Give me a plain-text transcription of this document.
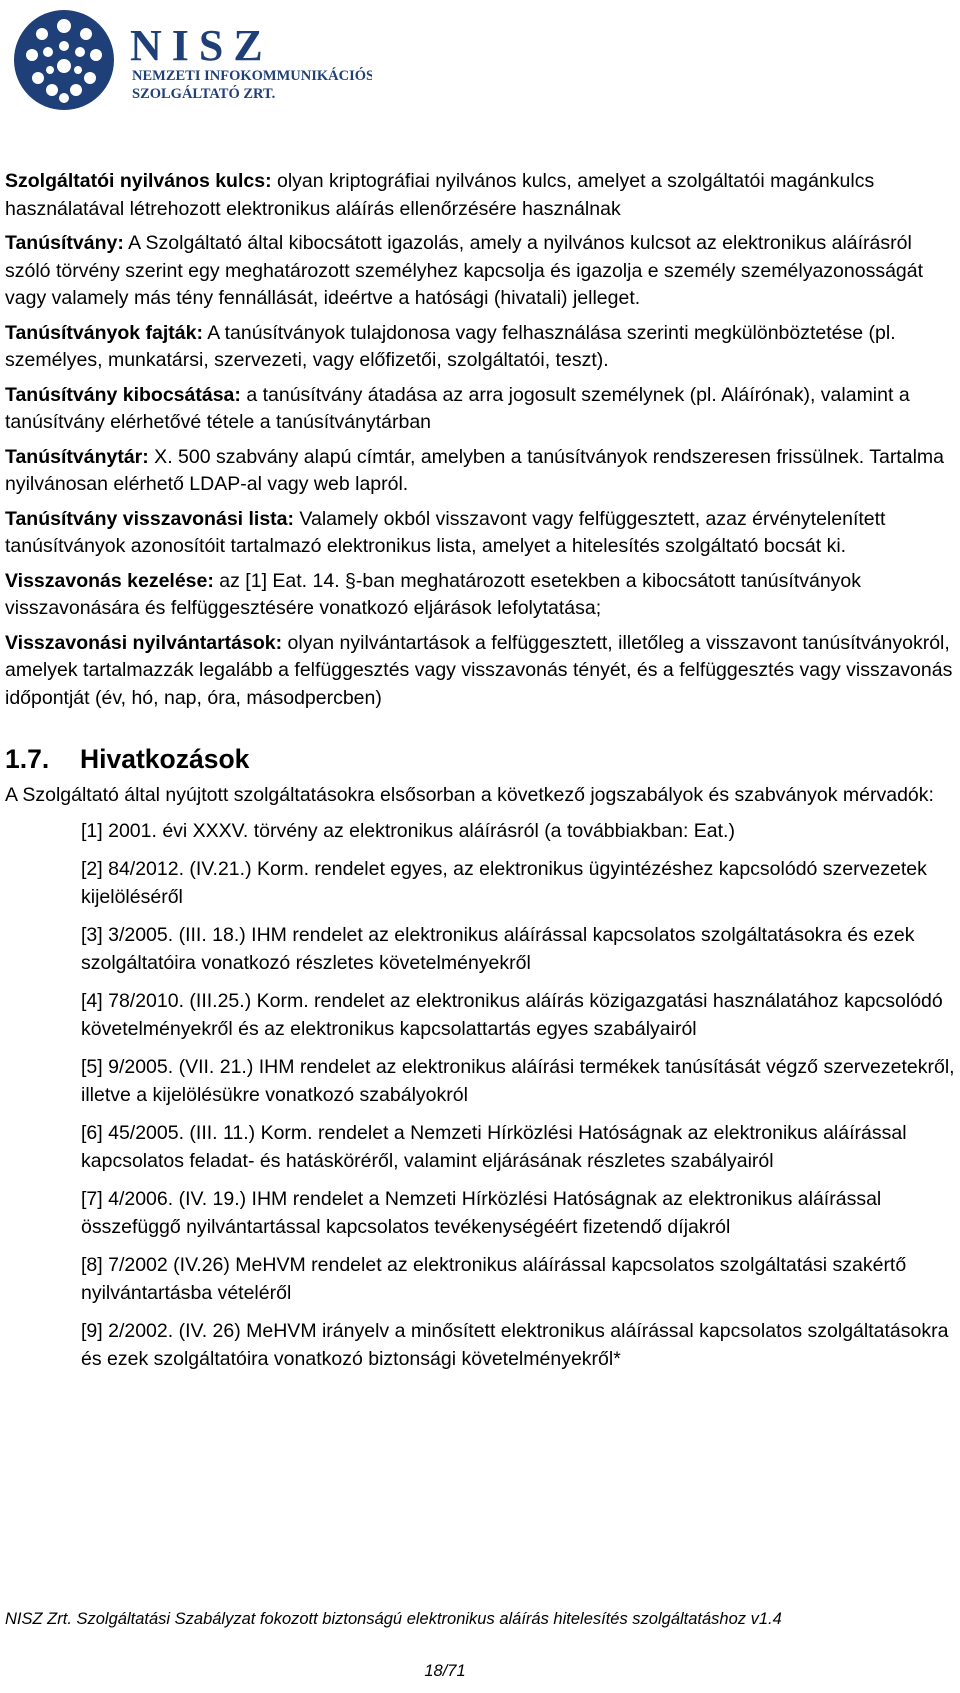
NISZ
NEMZETI INFOKOMMUNIKÁCIÓS
SZOLGÁLTATÓ ZRT.

Szolgáltatói nyilvános kulcs: olyan kriptográfiai nyilvános kulcs, amelyet a szolgáltatói magánkulcs használatával létrehozott elektronikus aláírás ellenőrzésére használnak

Tanúsítvány: A Szolgáltató által kibocsátott igazolás, amely a nyilvános kulcsot az elektronikus aláírásról szóló törvény szerint egy meghatározott személyhez kapcsolja és igazolja e személy személyazonosságát vagy valamely más tény fennállását, ideértve a hatósági (hivatali) jelleget.

Tanúsítványok fajták: A tanúsítványok tulajdonosa vagy felhasználása szerinti megkülönböztetése (pl. személyes, munkatársi, szervezeti, vagy előfizetői, szolgáltatói, teszt).

Tanúsítvány kibocsátása: a tanúsítvány átadása az arra jogosult személynek (pl. Aláírónak), valamint a tanúsítvány elérhetővé tétele a tanúsítványtárban

Tanúsítványtár: X. 500 szabvány alapú címtár, amelyben a tanúsítványok rendszeresen frissülnek. Tartalma nyilvánosan elérhető LDAP-al vagy web lapról.

Tanúsítvány visszavonási lista: Valamely okból visszavont vagy felfüggesztett, azaz érvénytelenített tanúsítványok azonosítóit tartalmazó elektronikus lista, amelyet a hitelesítés szolgáltató bocsát ki.

Visszavonás kezelése: az [1] Eat. 14. §-ban meghatározott esetekben a kibocsátott tanúsítványok visszavonására és felfüggesztésére vonatkozó eljárások lefolytatása;

Visszavonási nyilvántartások: olyan nyilvántartások a felfüggesztett, illetőleg a visszavont tanúsítványokról, amelyek tartalmazzák legalább a felfüggesztés vagy visszavonás tényét, és a felfüggesztés vagy visszavonás időpontját (év, hó, nap, óra, másodpercben)

1.7.	Hivatkozások

A Szolgáltató által nyújtott szolgáltatásokra elsősorban a következő jogszabályok és szabványok mérvadók:

[1] 2001. évi XXXV. törvény az elektronikus aláírásról (a továbbiakban: Eat.)
[2] 84/2012. (IV.21.) Korm. rendelet egyes, az elektronikus ügyintézéshez kapcsolódó szervezetek kijelöléséről
[3] 3/2005. (III. 18.) IHM rendelet az elektronikus aláírással kapcsolatos szolgáltatásokra és ezek szolgáltatóira vonatkozó részletes követelményekről
[4] 78/2010. (III.25.) Korm. rendelet az elektronikus aláírás közigazgatási használatához kapcsolódó követelményekről és az elektronikus kapcsolattartás egyes szabályairól
[5] 9/2005. (VII. 21.) IHM rendelet az elektronikus aláírási termékek tanúsítását végző szervezetekről, illetve a kijelölésükre vonatkozó szabályokról
[6] 45/2005. (III. 11.) Korm. rendelet a Nemzeti Hírközlési Hatóságnak az elektronikus aláírással kapcsolatos feladat- és hatásköréről, valamint eljárásának részletes szabályairól
[7] 4/2006. (IV. 19.) IHM rendelet a Nemzeti Hírközlési Hatóságnak az elektronikus aláírással összefüggő nyilvántartással kapcsolatos tevékenységéért fizetendő díjakról
[8] 7/2002 (IV.26) MeHVM rendelet az elektronikus aláírással kapcsolatos szolgáltatási szakértő nyilvántartásba vételéről
[9] 2/2002. (IV. 26) MeHVM irányelv a minősített elektronikus aláírással kapcsolatos szolgáltatásokra és ezek szolgáltatóira vonatkozó biztonsági követelményekről*
NISZ Zrt. Szolgáltatási Szabályzat fokozott biztonságú elektronikus aláírás hitelesítés szolgáltatáshoz v1.4
18/71
